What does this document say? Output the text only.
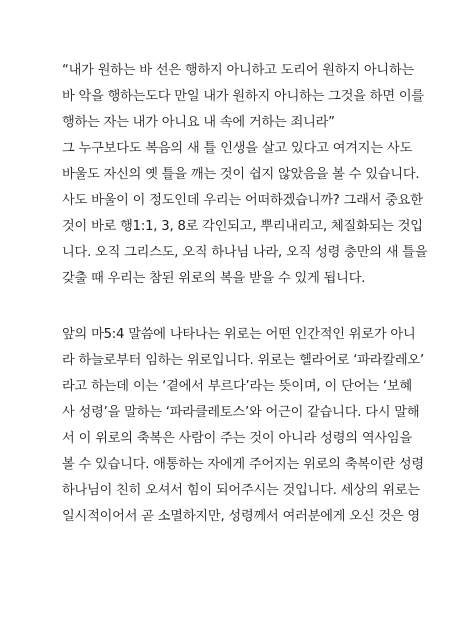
“내가 원하는 바 선은 행하지 아니하고 도리어 원하지 아니하는
바 악을 행하는도다 만일 내가 원하지 아니하는 그것을 하면 이를
행하는 자는 내가 아니요 내 속에 거하는 죄니라”
그 누구보다도 복음의 새 틀 인생을 살고 있다고 여겨지는 사도
바울도 자신의 옛 틀을 깨는 것이 쉽지 않았음을 볼 수 있습니다.
사도 바울이 이 정도인데 우리는 어떠하겠습니까? 그래서 중요한
것이 바로 행1:1, 3, 8로 각인되고, 뿌리내리고, 체질화되는 것입
니다. 오직 그리스도, 오직 하나님 나라, 오직 성령 충만의 새 틀을
갖출 때 우리는 참된 위로의 복을 받을 수 있게 됩니다.
앞의 마5:4 말씀에 나타나는 위로는 어떤 인간적인 위로가 아니
라 하늘로부터 임하는 위로입니다. 위로는 헬라어로 ‘파라칼레오’
라고 하는데 이는 ‘곁에서 부르다’라는 뜻이며, 이 단어는 ‘보혜
사 성령’을 말하는 ‘파라클레토스’와 어근이 같습니다. 다시 말해
서 이 위로의 축복은 사람이 주는 것이 아니라 성령의 역사임을
볼 수 있습니다. 애통하는 자에게 주어지는 위로의 축복이란 성령
하나님이 친히 오셔서 힘이 되어주시는 것입니다. 세상의 위로는
일시적이어서 곧 소멸하지만, 성령께서 여러분에게 오신 것은 영
